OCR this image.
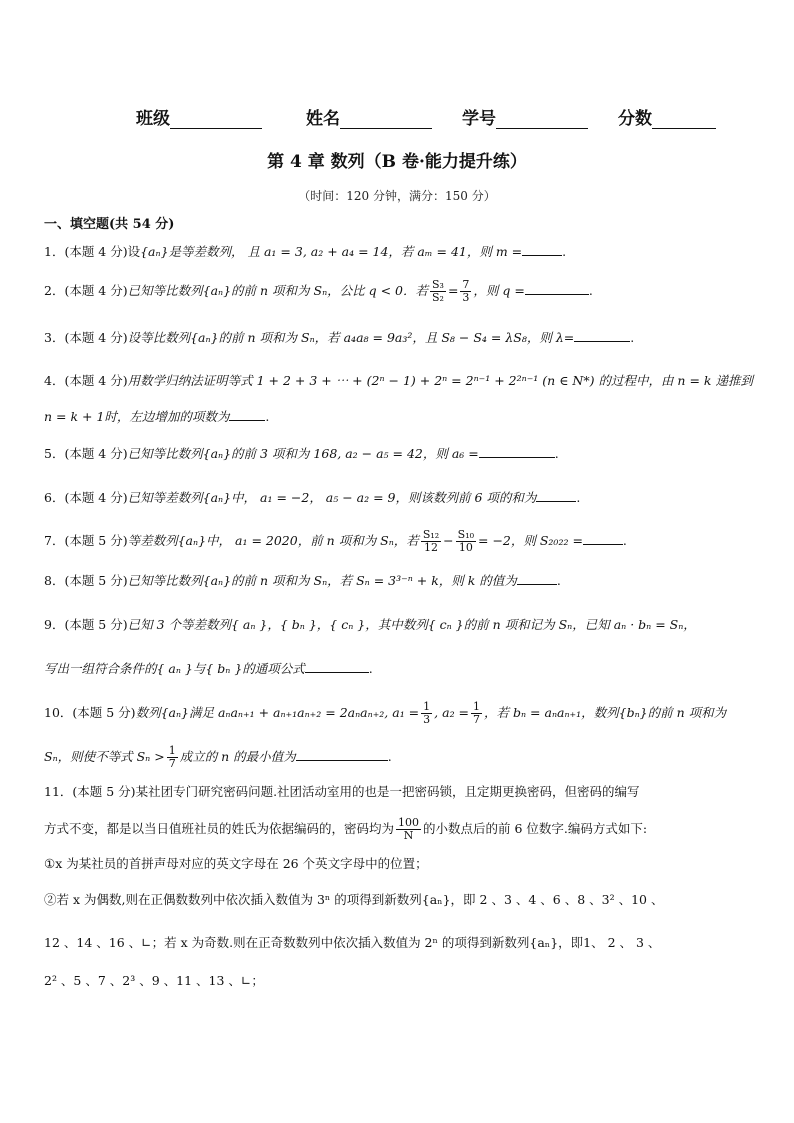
班级	姓名	学号	分数
第 4 章 数列（B 卷·能力提升练）
（时间：120 分钟，满分：150 分）
一、填空题(共 54 分)
1．(本题 4 分)设{aₙ}是等差数列， 且 a₁ = 3, a₂ + a₄ = 14，若 aₘ = 41，则 m =	.
2．(本题 4 分)已知等比数列{aₙ}的前 n 项和为 Sₙ，公比 q < 0．若 $\frac{\text{S₃}}{\text{S₂}} = \frac{7}{3}$ ，则 q =	.
3．(本题 4 分)设等比数列{aₙ}的前 n 项和为 Sₙ，若 a₄a₈ = 9a₃²，且 S₈ − S₄ = λS₈，则 λ=	.
4．(本题 4 分)用数学归纳法证明等式 1 + 2 + 3 + ⋯ + (2ⁿ − 1) + 2ⁿ = 2ⁿ⁻¹ + 2²ⁿ⁻¹ (n ∈ N*) 的过程中，由 n = k 递推到
n = k + 1时，左边增加的项数为	.
5．(本题 4 分)已知等比数列{aₙ}的前 3 项和为 168, a₂ − a₅ = 42，则 a₆ =	.
6．(本题 4 分)已知等差数列{aₙ}中， a₁ = −2， a₅ − a₂ = 9，则该数列前 6 项的和为	.
7．(本题 5 分)等差数列{aₙ}中， a₁ = 2020，前 n 项和为 Sₙ，若 $\frac{\text{S₁₂}}{12} - \frac{\text{S₁₀}}{10} = -2$，则 S₂₀₂₂ =	.
8．(本题 5 分)已知等比数列{aₙ}的前 n 项和为 Sₙ，若 Sₙ = 3³⁻ⁿ + k，则 k 的值为	.
9．(本题 5 分)已知 3 个等差数列{ aₙ }，{ bₙ }，{ cₙ }，其中数列{ cₙ }的前 n 项和记为 Sₙ，已知 aₙ · bₙ = Sₙ，
写出一组符合条件的{ aₙ }与{ bₙ }的通项公式	.
10．(本题 5 分)数列{aₙ}满足 aₙaₙ₊₁ + aₙ₊₁aₙ₊₂ = 2aₙaₙ₊₂, $a_1 = \frac{1}{3}$ , $a_2 = \frac{1}{7}$ ，若 bₙ = aₙaₙ₊₁，数列{bₙ}的前 n 项和为
Sₙ，则使不等式 $S_n > \frac{1}{7}$ 成立的 n 的最小值为	.
11．(本题 5 分)某社团专门研究密码问题.社团活动室用的也是一把密码锁，且定期更换密码，但密码的编写
方式不变，都是以当日值班社员的姓氏为依据编码的，密码均为 $\frac{100}{N}$ 的小数点后的前 6 位数字.编码方式如下:
①x 为某社员的首拼声母对应的英文字母在 26 个英文字母中的位置；
②若 x 为偶数,则在正偶数数列中依次插入数值为 3ⁿ 的项得到新数列{aₙ}，即 2 、3 、4 、6 、8 、3² 、10 、
12 、14 、16 、∟；若 x 为奇数.则在正奇数数列中依次插入数值为 2ⁿ 的项得到新数列{aₙ}，即1、 2 、 3 、
2² 、5 、7 、2³ 、9 、11 、13 、∟；
